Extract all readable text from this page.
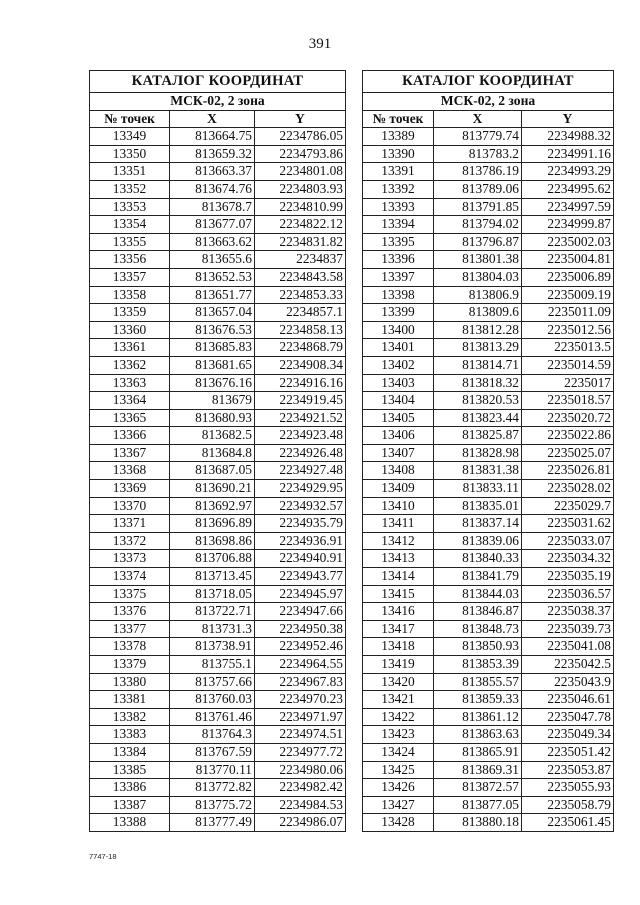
391
КАТАЛОГ КООРДИНАТ		
МСК-02, 2 зона		
№ точек	X	Y
13349	813664.75	2234786.05
13350	813659.32	2234793.86
13351	813663.37	2234801.08
13352	813674.76	2234803.93
13353	813678.7	2234810.99
13354	813677.07	2234822.12
13355	813663.62	2234831.82
13356	813655.6	2234837
13357	813652.53	2234843.58
13358	813651.77	2234853.33
13359	813657.04	2234857.1
13360	813676.53	2234858.13
13361	813685.83	2234868.79
13362	813681.65	2234908.34
13363	813676.16	2234916.16
13364	813679	2234919.45
13365	813680.93	2234921.52
13366	813682.5	2234923.48
13367	813684.8	2234926.48
13368	813687.05	2234927.48
13369	813690.21	2234929.95
13370	813692.97	2234932.57
13371	813696.89	2234935.79
13372	813698.86	2234936.91
13373	813706.88	2234940.91
13374	813713.45	2234943.77
13375	813718.05	2234945.97
13376	813722.71	2234947.66
13377	813731.3	2234950.38
13378	813738.91	2234952.46
13379	813755.1	2234964.55
13380	813757.66	2234967.83
13381	813760.03	2234970.23
13382	813761.46	2234971.97
13383	813764.3	2234974.51
13384	813767.59	2234977.72
13385	813770.11	2234980.06
13386	813772.82	2234982.42
13387	813775.72	2234984.53
13388	813777.49	2234986.07
КАТАЛОГ КООРДИНАТ		
МСК-02, 2 зона		
№ точек	X	Y
13389	813779.74	2234988.32
13390	813783.2	2234991.16
13391	813786.19	2234993.29
13392	813789.06	2234995.62
13393	813791.85	2234997.59
13394	813794.02	2234999.87
13395	813796.87	2235002.03
13396	813801.38	2235004.81
13397	813804.03	2235006.89
13398	813806.9	2235009.19
13399	813809.6	2235011.09
13400	813812.28	2235012.56
13401	813813.29	2235013.5
13402	813814.71	2235014.59
13403	813818.32	2235017
13404	813820.53	2235018.57
13405	813823.44	2235020.72
13406	813825.87	2235022.86
13407	813828.98	2235025.07
13408	813831.38	2235026.81
13409	813833.11	2235028.02
13410	813835.01	2235029.7
13411	813837.14	2235031.62
13412	813839.06	2235033.07
13413	813840.33	2235034.32
13414	813841.79	2235035.19
13415	813844.03	2235036.57
13416	813846.87	2235038.37
13417	813848.73	2235039.73
13418	813850.93	2235041.08
13419	813853.39	2235042.5
13420	813855.57	2235043.9
13421	813859.33	2235046.61
13422	813861.12	2235047.78
13423	813863.63	2235049.34
13424	813865.91	2235051.42
13425	813869.31	2235053.87
13426	813872.57	2235055.93
13427	813877.05	2235058.79
13428	813880.18	2235061.45
7747-18
